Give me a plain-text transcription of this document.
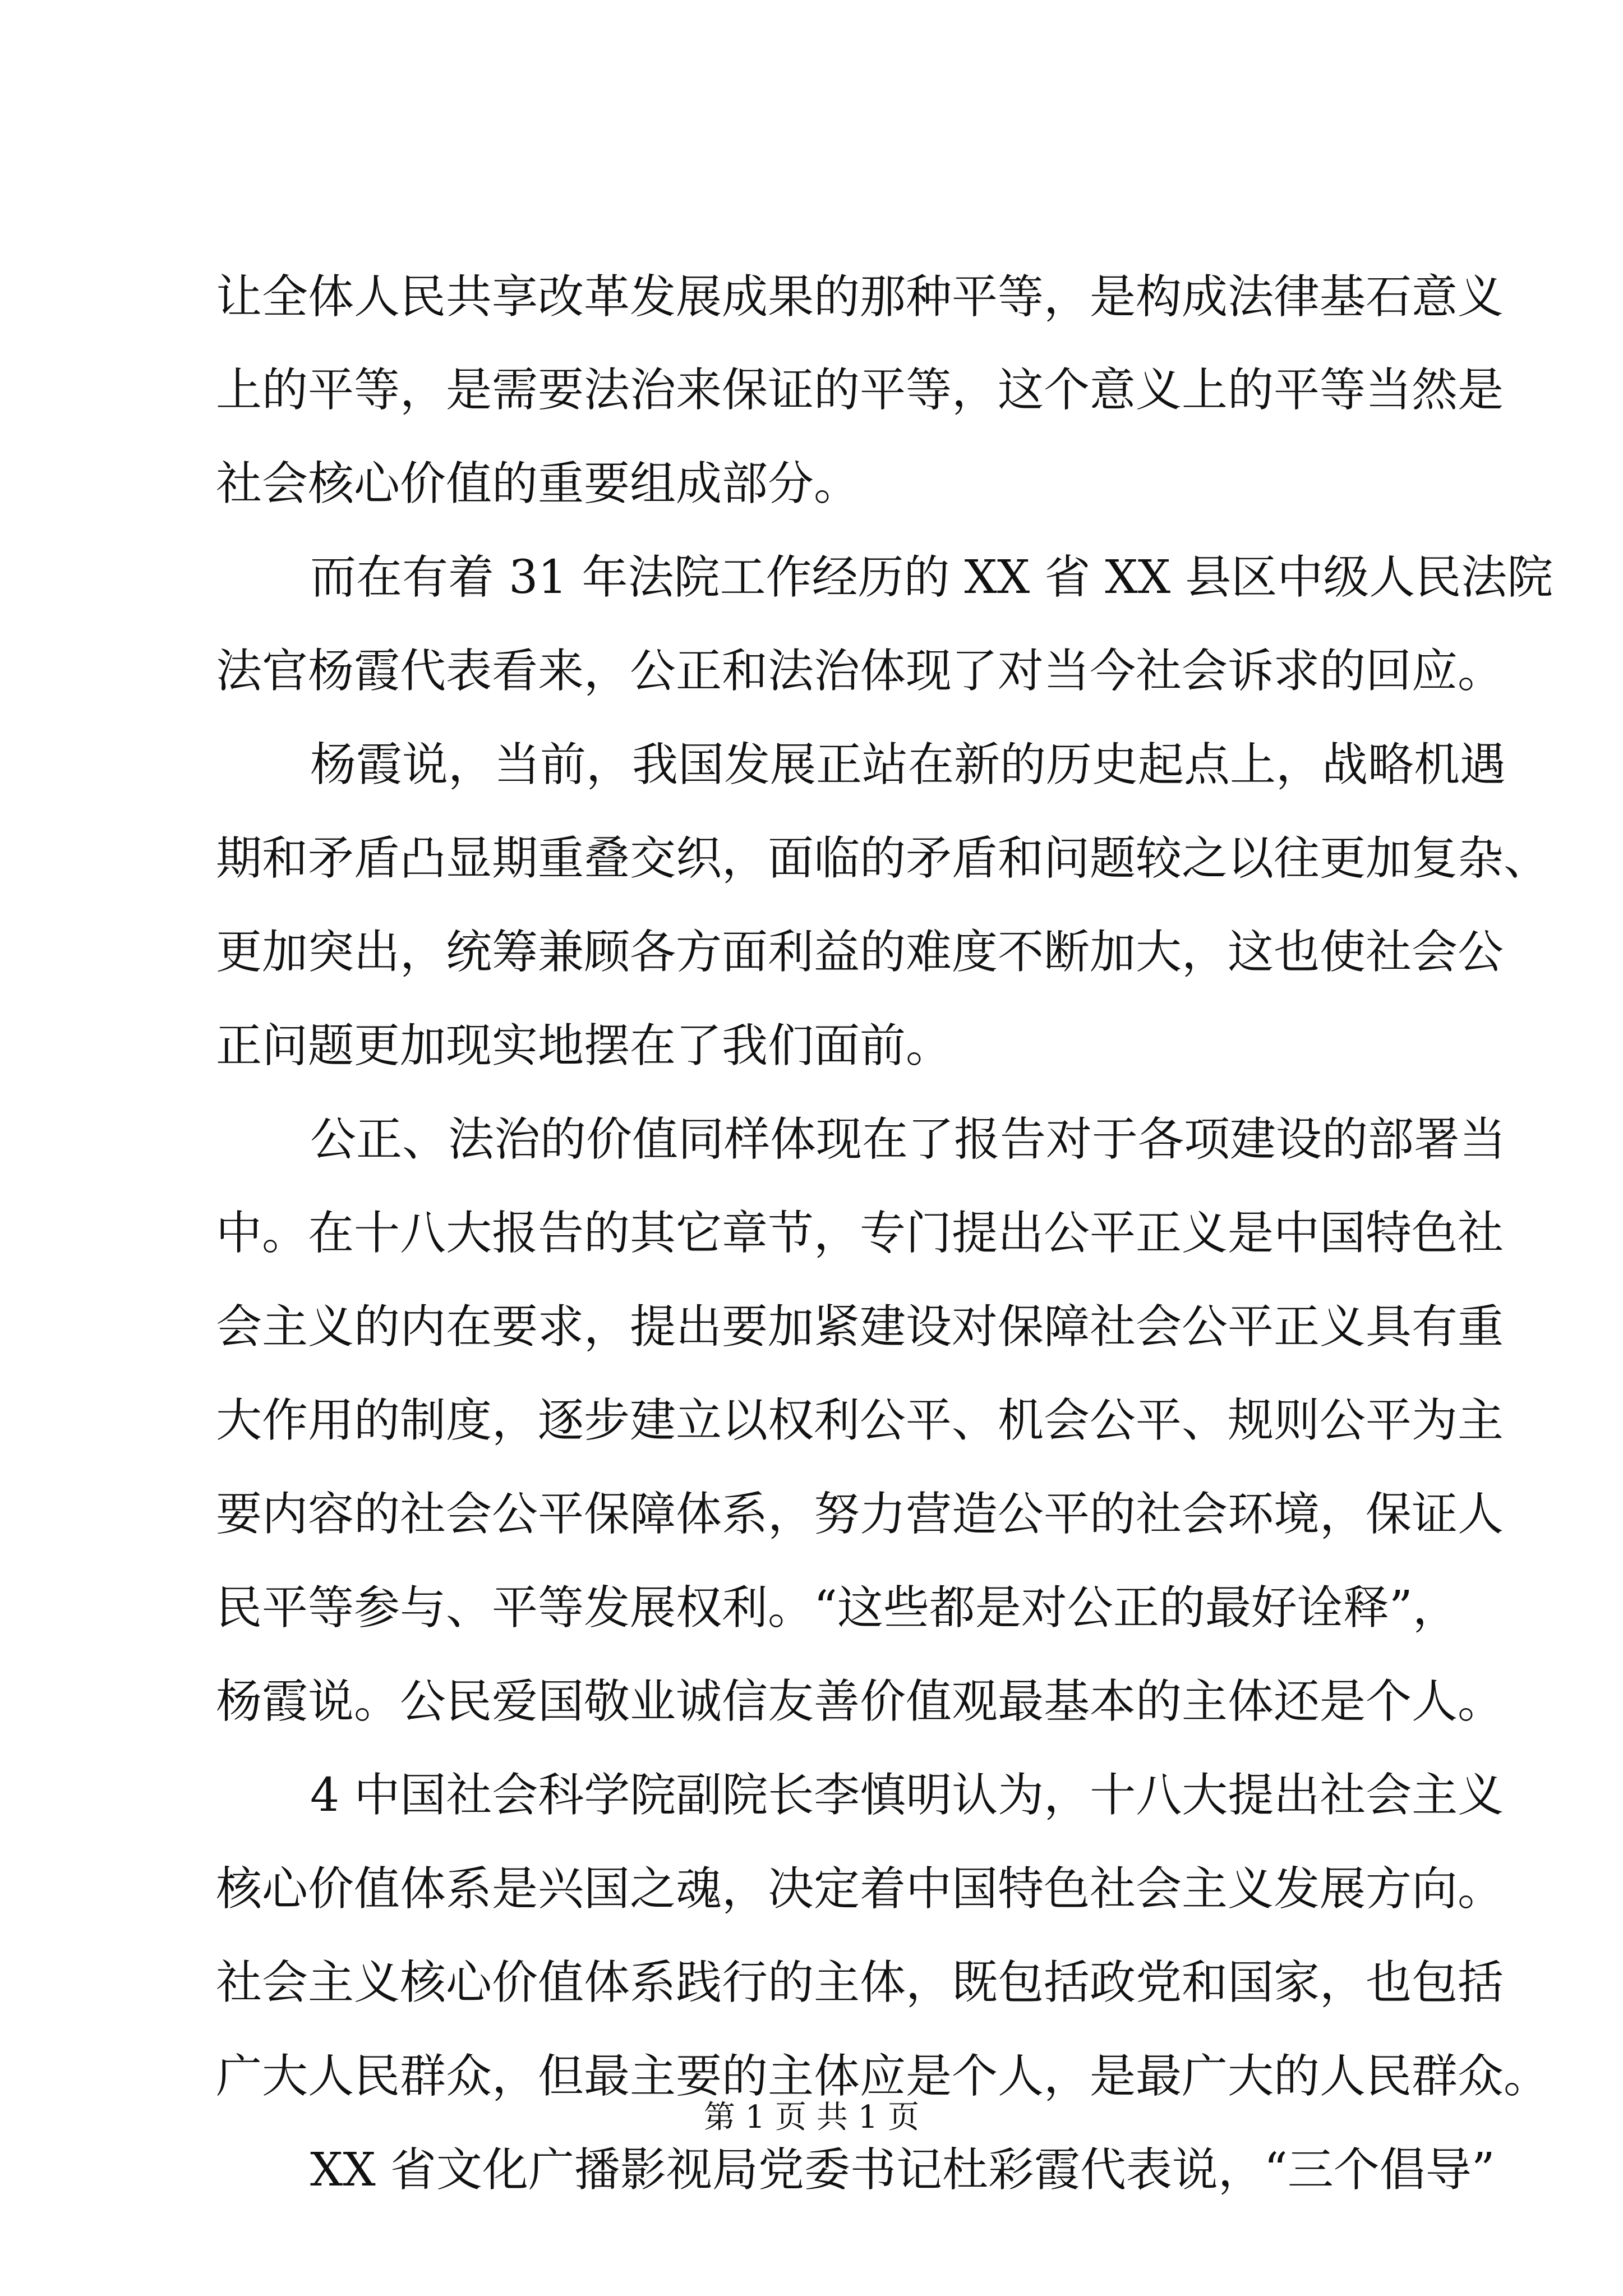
让全体人民共享改革发展成果的那种平等，是构成法律基石意义
上的平等，是需要法治来保证的平等，这个意义上的平等当然是
社会核心价值的重要组成部分。
而在有着 31 年法院工作经历的 XX 省 XX 县区中级人民法院
法官杨霞代表看来，公正和法治体现了对当今社会诉求的回应。
杨霞说，当前，我国发展正站在新的历史起点上，战略机遇
期和矛盾凸显期重叠交织，面临的矛盾和问题较之以往更加复杂、
更加突出，统筹兼顾各方面利益的难度不断加大，这也使社会公
正问题更加现实地摆在了我们面前。
公正、法治的价值同样体现在了报告对于各项建设的部署当
中。在十八大报告的其它章节，专门提出公平正义是中国特色社
会主义的内在要求，提出要加紧建设对保障社会公平正义具有重
大作用的制度，逐步建立以权利公平、机会公平、规则公平为主
要内容的社会公平保障体系，努力营造公平的社会环境，保证人
民平等参与、平等发展权利。“这些都是对公正的最好诠释”，
杨霞说。公民爱国敬业诚信友善价值观最基本的主体还是个人。
4 中国社会科学院副院长李慎明认为，十八大提出社会主义
核心价值体系是兴国之魂，决定着中国特色社会主义发展方向。
社会主义核心价值体系践行的主体，既包括政党和国家，也包括
广大人民群众，但最主要的主体应是个人，是最广大的人民群众。
XX 省文化广播影视局党委书记杜彩霞代表说，“三个倡导”
第 1 页 共 1 页
